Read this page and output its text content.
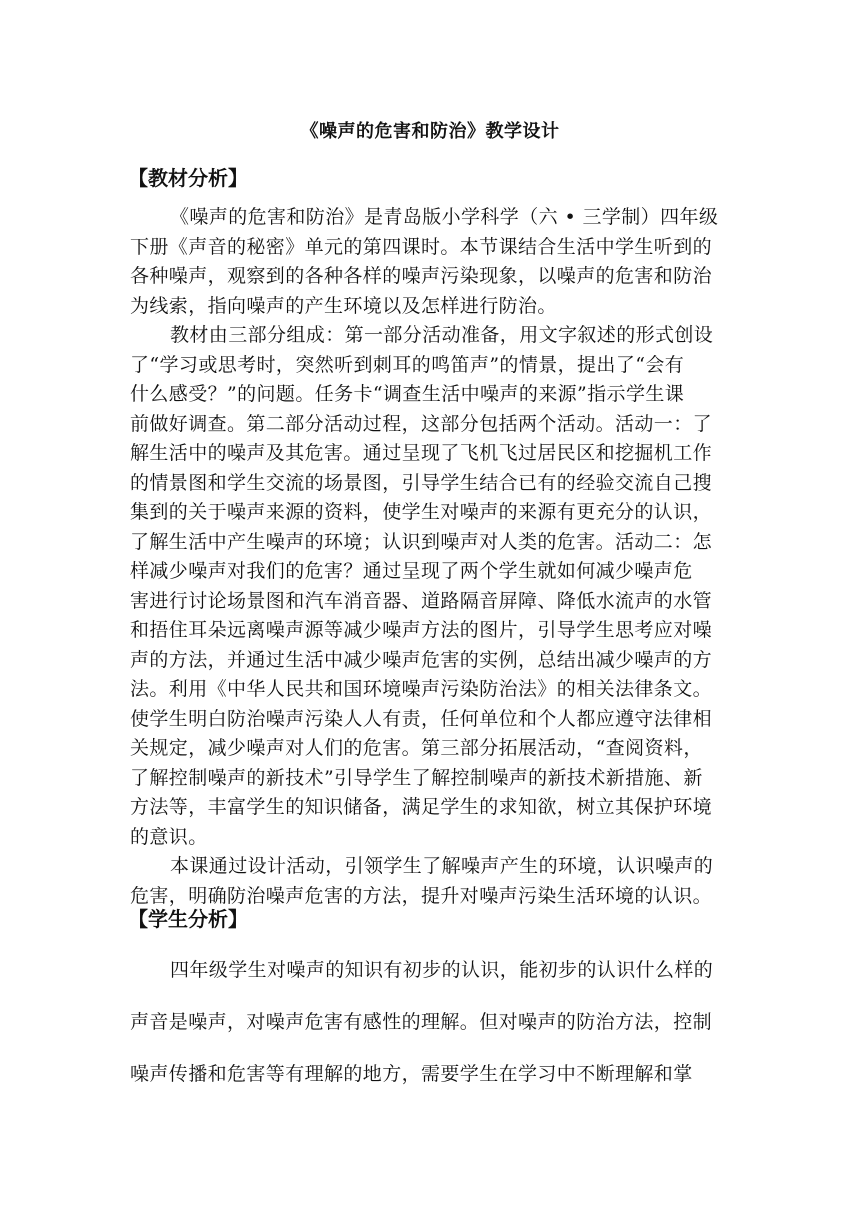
《噪声的危害和防治》教学设计
【教材分析】
《噪声的危害和防治》是青岛版小学科学（六 • 三学制）四年级
下册《声音的秘密》单元的第四课时。本节课结合生活中学生听到的
各种噪声，观察到的各种各样的噪声污染现象，以噪声的危害和防治
为线索，指向噪声的产生环境以及怎样进行防治。
教材由三部分组成：第一部分活动准备，用文字叙述的形式创设
了“学习或思考时，突然听到刺耳的鸣笛声”的情景，提出了“会有
什么感受？”的问题。任务卡“调查生活中噪声的来源”指示学生课
前做好调查。第二部分活动过程，这部分包括两个活动。活动一：了
解生活中的噪声及其危害。通过呈现了飞机飞过居民区和挖掘机工作
的情景图和学生交流的场景图，引导学生结合已有的经验交流自己搜
集到的关于噪声来源的资料，使学生对噪声的来源有更充分的认识，
了解生活中产生噪声的环境；认识到噪声对人类的危害。活动二：怎
样减少噪声对我们的危害？通过呈现了两个学生就如何减少噪声危
害进行讨论场景图和汽车消音器、道路隔音屏障、降低水流声的水管
和捂住耳朵远离噪声源等减少噪声方法的图片，引导学生思考应对噪
声的方法，并通过生活中减少噪声危害的实例，总结出减少噪声的方
法。利用《中华人民共和国环境噪声污染防治法》的相关法律条文。
使学生明白防治噪声污染人人有责，任何单位和个人都应遵守法律相
关规定，减少噪声对人们的危害。第三部分拓展活动，“查阅资料，
了解控制噪声的新技术”引导学生了解控制噪声的新技术新措施、新
方法等，丰富学生的知识储备，满足学生的求知欲，树立其保护环境
的意识。
本课通过设计活动，引领学生了解噪声产生的环境，认识噪声的
危害，明确防治噪声危害的方法，提升对噪声污染生活环境的认识。
【学生分析】
四年级学生对噪声的知识有初步的认识，能初步的认识什么样的
声音是噪声，对噪声危害有感性的理解。但对噪声的防治方法，控制
噪声传播和危害等有理解的地方，需要学生在学习中不断理解和掌
